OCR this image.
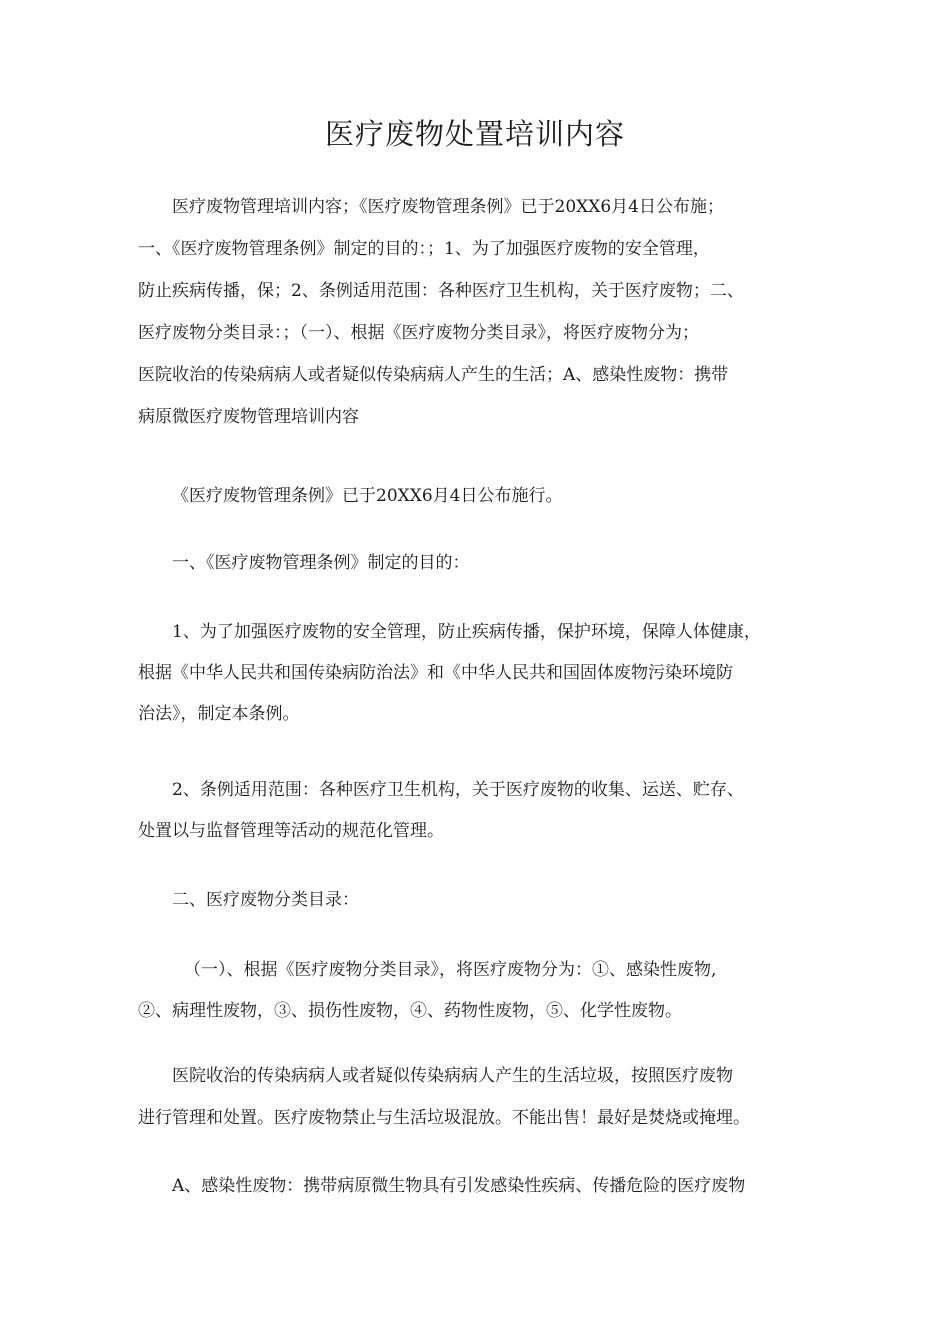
医疗废物处置培训内容
医疗废物管理培训内容；《医疗废物管理条例》已于20XX6月4日公布施；
一、《医疗废物管理条例》制定的目的：；1、为了加强医疗废物的安全管理，
防止疾病传播，保；2、条例适用范围：各种医疗卫生机构，关于医疗废物；二、
医疗废物分类目录：；（一）、根据《医疗废物分类目录》，将医疗废物分为；
医院收治的传染病病人或者疑似传染病病人产生的生活；A、感染性废物：携带
病原微医疗废物管理培训内容
《医疗废物管理条例》已于20XX6月4日公布施行。
一、《医疗废物管理条例》制定的目的：
1、为了加强医疗废物的安全管理，防止疾病传播，保护环境，保障人体健康，
根据《中华人民共和国传染病防治法》和《中华人民共和国固体废物污染环境防
治法》，制定本条例。
2、条例适用范围：各种医疗卫生机构，关于医疗废物的收集、运送、贮存、
处置以与监督管理等活动的规范化管理。
二、医疗废物分类目录：
（一）、根据《医疗废物分类目录》，将医疗废物分为：①、感染性废物,
②、病理性废物，③、损伤性废物，④、药物性废物，⑤、化学性废物。
医院收治的传染病病人或者疑似传染病病人产生的生活垃圾，按照医疗废物
进行管理和处置。医疗废物禁止与生活垃圾混放。不能出售！最好是焚烧或掩埋。
A、感染性废物：携带病原微生物具有引发感染性疾病、传播危险的医疗废物
